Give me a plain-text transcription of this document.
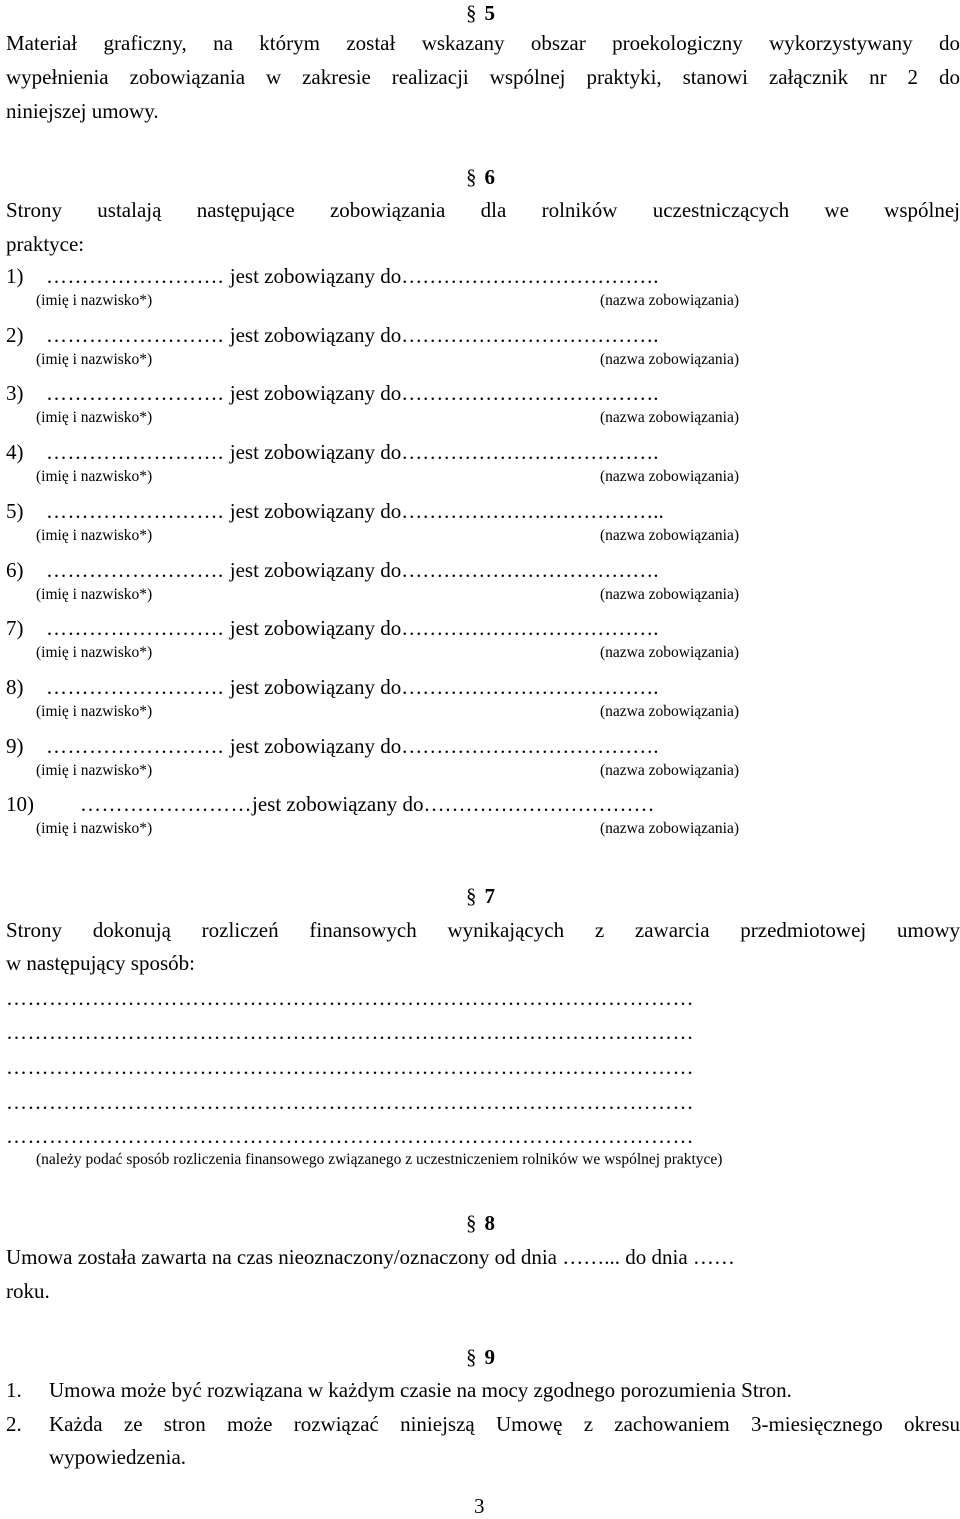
§ 5
Materiał graficzny, na którym został wskazany obszar proekologiczny wykorzystywany do
wypełnienia zobowiązania w zakresie realizacji wspólnej praktyki, stanowi załącznik nr 2 do
niniejszej umowy.
§ 6
Strony ustalają następujące zobowiązania dla rolników uczestniczących we wspólnej
praktyce:
1) ……………………. jest zobowiązany do……………………………….
(imię i nazwisko*)	(nazwa zobowiązania)
2) ……………………. jest zobowiązany do……………………………….
(imię i nazwisko*)	(nazwa zobowiązania)
3) ……………………. jest zobowiązany do……………………………….
(imię i nazwisko*)	(nazwa zobowiązania)
4) ……………………. jest zobowiązany do……………………………….
(imię i nazwisko*)	(nazwa zobowiązania)
5) ……………………. jest zobowiązany do………………………………..
(imię i nazwisko*)	(nazwa zobowiązania)
6) ……………………. jest zobowiązany do……………………………….
(imię i nazwisko*)	(nazwa zobowiązania)
7) ……………………. jest zobowiązany do……………………………….
(imię i nazwisko*)	(nazwa zobowiązania)
8) ……………………. jest zobowiązany do……………………………….
(imię i nazwisko*)	(nazwa zobowiązania)
9) ……………………. jest zobowiązany do……………………………….
(imię i nazwisko*)	(nazwa zobowiązania)
10) ……………………jest zobowiązany do……………………………
(imię i nazwisko*)	(nazwa zobowiązania)
§ 7
Strony dokonują rozliczeń finansowych wynikających z zawarcia przedmiotowej umowy
w następujący sposób:
……………………………………………………………………………………
……………………………………………………………………………………
……………………………………………………………………………………
……………………………………………………………………………………
……………………………………………………………………………………
(należy podać sposób rozliczenia finansowego związanego z uczestniczeniem rolników we wspólnej praktyce)
§ 8
Umowa została zawarta na czas nieoznaczony/oznaczony od dnia ……... do dnia ……
roku.
§ 9
1. Umowa może być rozwiązana w każdym czasie na mocy zgodnego porozumienia Stron.
2. Każda ze stron może rozwiązać niniejszą Umowę z zachowaniem 3-miesięcznego okresu
wypowiedzenia.
3
